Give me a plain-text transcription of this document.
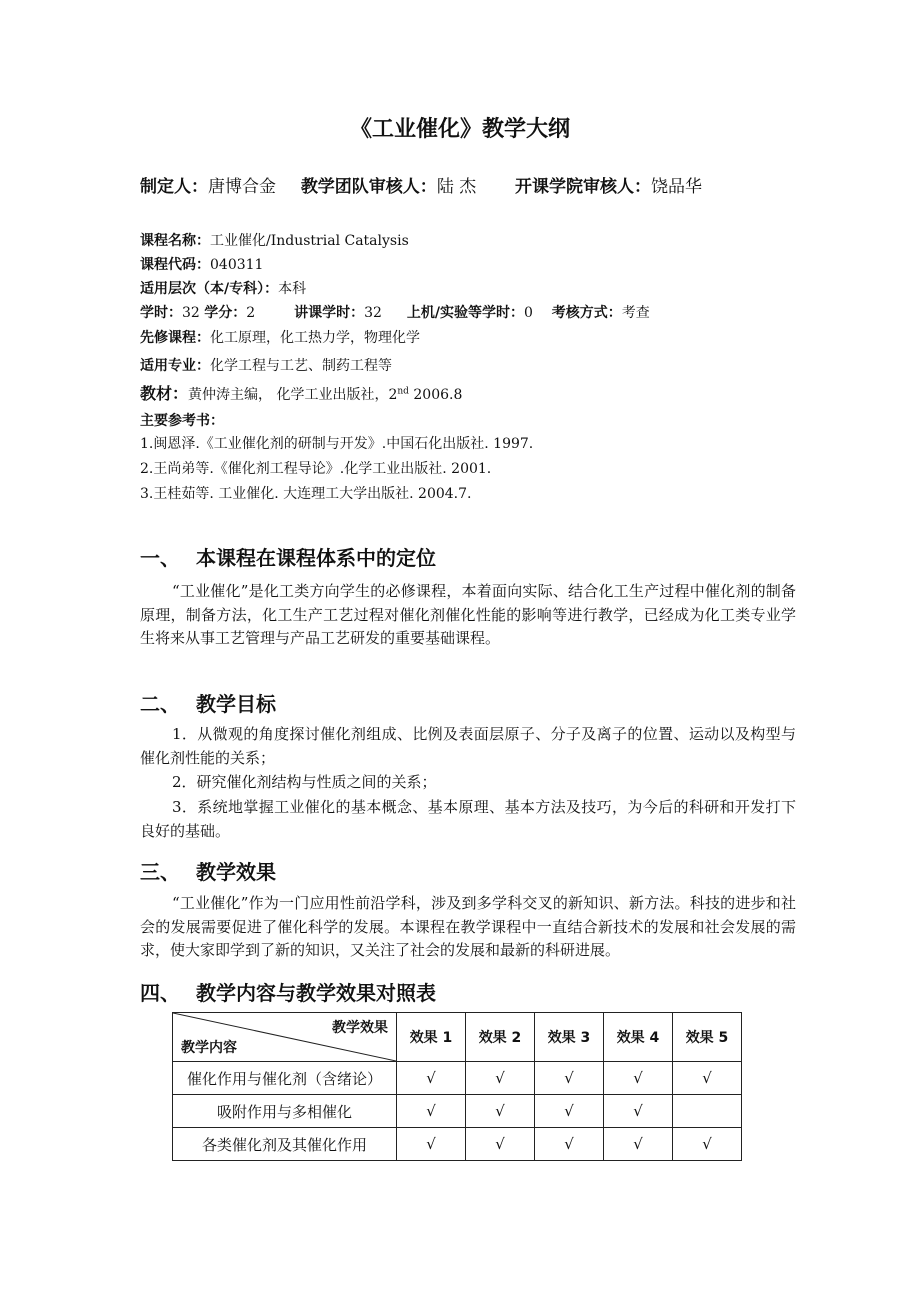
《工业催化》教学大纲
制定人：唐博合金 教学团队审核人：陆 杰 开课学院审核人：饶品华
课程名称：工业催化/Industrial Catalysis
课程代码：040311
适用层次（本/专科）：本科
学时：32 学分：2	讲课学时：32 上机/实验等学时：0 考核方式：考查
先修课程：化工原理，化工热力学，物理化学
适用专业：化学工程与工艺、制药工程等
教材：黄仲涛主编， 化学工业出版社，2nd 2006.8
主要参考书：
1.闽恩泽.《工业催化剂的研制与开发》.中国石化出版社. 1997.
2.王尚弟等.《催化剂工程导论》.化学工业出版社. 2001.
3.王桂茹等. 工业催化. 大连理工大学出版社. 2004.7.
一、 本课程在课程体系中的定位
“工业催化”是化工类方向学生的必修课程，本着面向实际、结合化工生产过程中催化剂的制备原理，制备方法，化工生产工艺过程对催化剂催化性能的影响等进行教学，已经成为化工类专业学生将来从事工艺管理与产品工艺研发的重要基础课程。
二、 教学目标
1．从微观的角度探讨催化剂组成、比例及表面层原子、分子及离子的位置、运动以及构型与催化剂性能的关系；
2．研究催化剂结构与性质之间的关系；
3．系统地掌握工业催化的基本概念、基本原理、基本方法及技巧，为今后的科研和开发打下良好的基础。
三、 教学效果
“工业催化”作为一门应用性前沿学科，涉及到多学科交叉的新知识、新方法。科技的进步和社会的发展需要促进了催化科学的发展。本课程在教学课程中一直结合新技术的发展和社会发展的需求，使大家即学到了新的知识，又关注了社会的发展和最新的科研进展。
四、 教学内容与教学效果对照表
教学效果
教学内容	效果 1	效果 2	效果 3	效果 4	效果 5
催化作用与催化剂（含绪论）	√	√	√	√	√
吸附作用与多相催化	√	√	√	√	
各类催化剂及其催化作用	√	√	√	√	√
